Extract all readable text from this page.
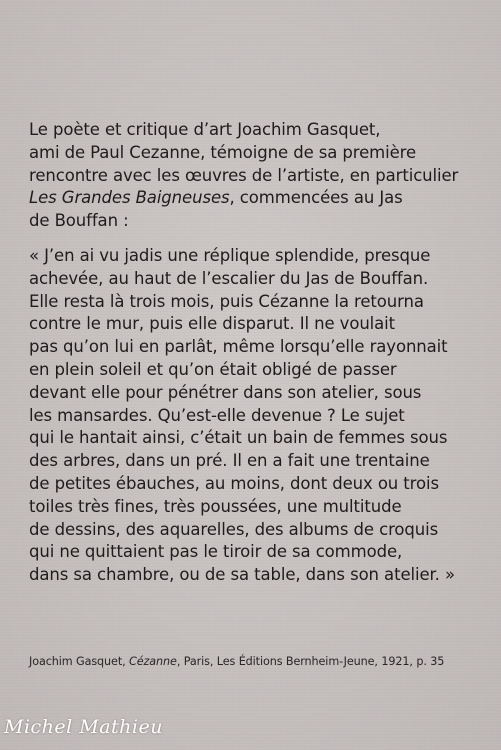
Le poète et critique d’art Joachim Gasquet,
ami de Paul Cezanne, témoigne de sa première
rencontre avec les œuvres de l’artiste, en particulier
Les Grandes Baigneuses, commencées au Jas
de Bouffan :

« J’en ai vu jadis une réplique splendide, presque
achevée, au haut de l’escalier du Jas de Bouffan.
Elle resta là trois mois, puis Cézanne la retourna
contre le mur, puis elle disparut. Il ne voulait
pas qu’on lui en parlât, même lorsqu’elle rayonnait
en plein soleil et qu’on était obligé de passer
devant elle pour pénétrer dans son atelier, sous
les mansardes. Qu’est-elle devenue ? Le sujet
qui le hantait ainsi, c’était un bain de femmes sous
des arbres, dans un pré. Il en a fait une trentaine
de petites ébauches, au moins, dont deux ou trois
toiles très fines, très poussées, une multitude
de dessins, des aquarelles, des albums de croquis
qui ne quittaient pas le tiroir de sa commode,
dans sa chambre, ou de sa table, dans son atelier. »

Joachim Gasquet, Cézanne, Paris, Les Éditions Bernheim-Jeune, 1921, p. 35
Michel Mathieu
